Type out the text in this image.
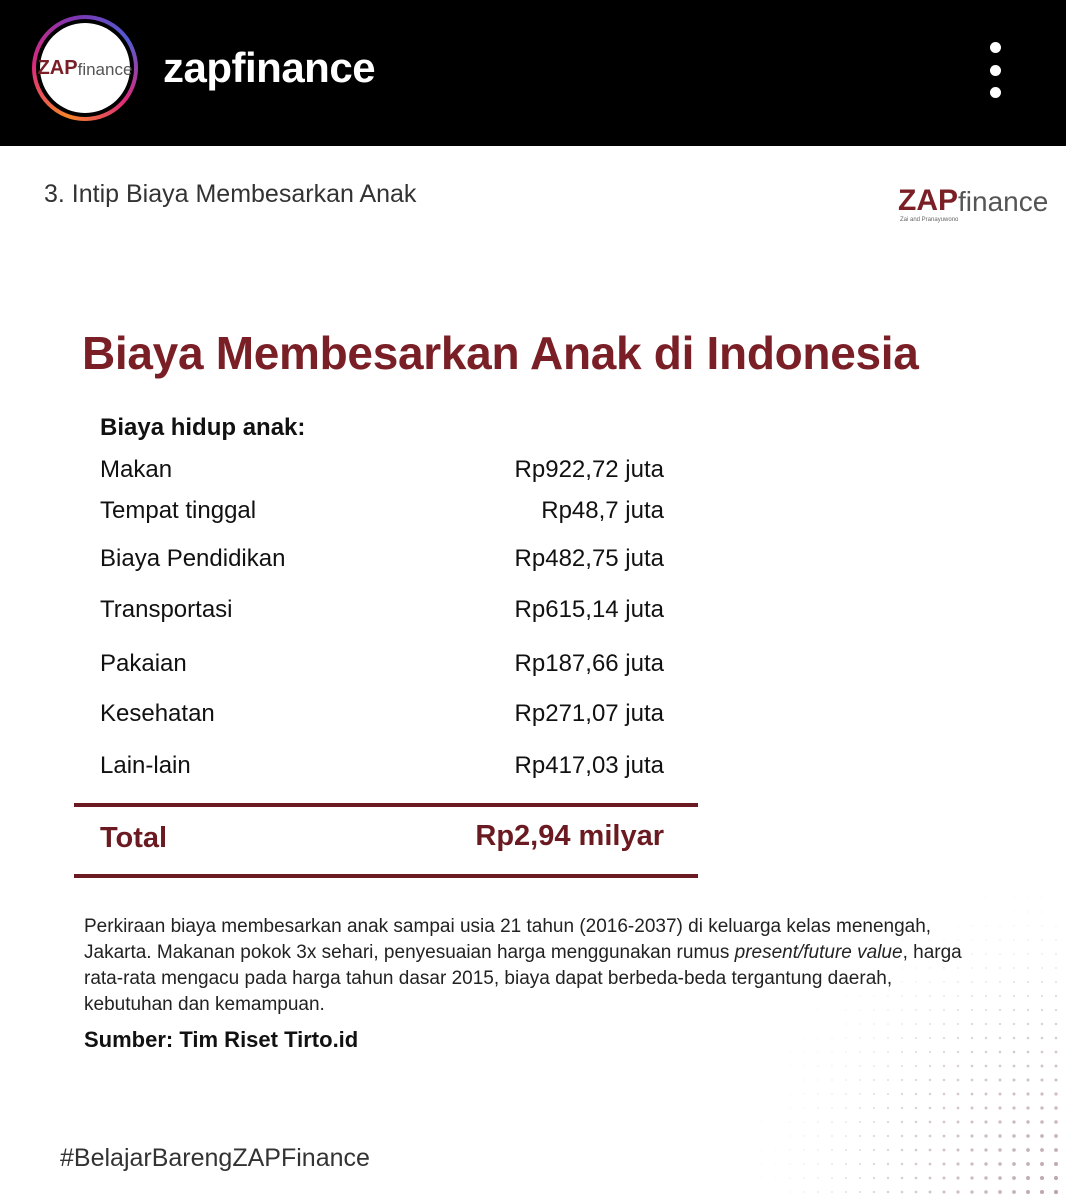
ZAP finance zapfinance
3. Intip Biaya Membesarkan Anak	ZAP finance
Zai and Pranayuwono
Biaya Membesarkan Anak di Indonesia
Biaya hidup anak:
Makan	Rp922,72 juta
Tempat tinggal	Rp48,7 juta
Biaya Pendidikan	Rp482,75 juta
Transportasi	Rp615,14 juta
Pakaian	Rp187,66 juta
Kesehatan	Rp271,07 juta
Lain-lain	Rp417,03 juta
Total	Rp2,94 milyar
Perkiraan biaya membesarkan anak sampai usia 21 tahun (2016-2037) di keluarga kelas menengah, Jakarta. Makanan pokok 3x sehari, penyesuaian harga menggunakan rumus present/future value, harga rata-rata mengacu pada harga tahun dasar 2015, biaya dapat berbeda-beda tergantung daerah, kebutuhan dan kemampuan.
Sumber: Tim Riset Tirto.id
#BelajarBarengZAPFinance
